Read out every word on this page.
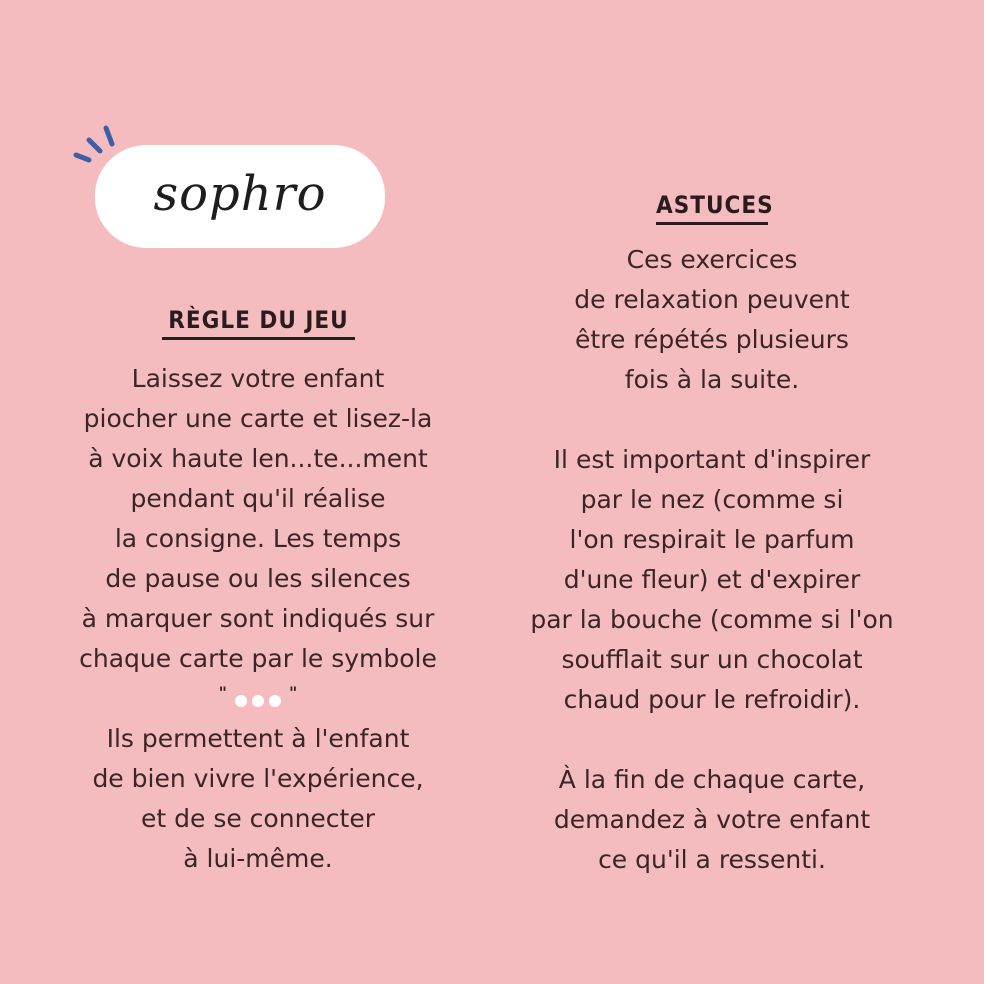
sophro
RÈGLE DU JEU
Laissez votre enfant
piocher une carte et lisez-la
à voix haute len...te...ment
pendant qu'il réalise
la consigne. Les temps
de pause ou les silences
à marquer sont indiqués sur
chaque carte par le symbole
"	"
Ils permettent à l'enfant
de bien vivre l'expérience,
et de se connecter
à lui-même.
ASTUCES
Ces exercices
de relaxation peuvent
être répétés plusieurs
fois à la suite.
Il est important d'inspirer
par le nez (comme si
l'on respirait le parfum
d'une fleur) et d'expirer
par la bouche (comme si l'on
soufflait sur un chocolat
chaud pour le refroidir).
À la fin de chaque carte,
demandez à votre enfant
ce qu'il a ressenti.
